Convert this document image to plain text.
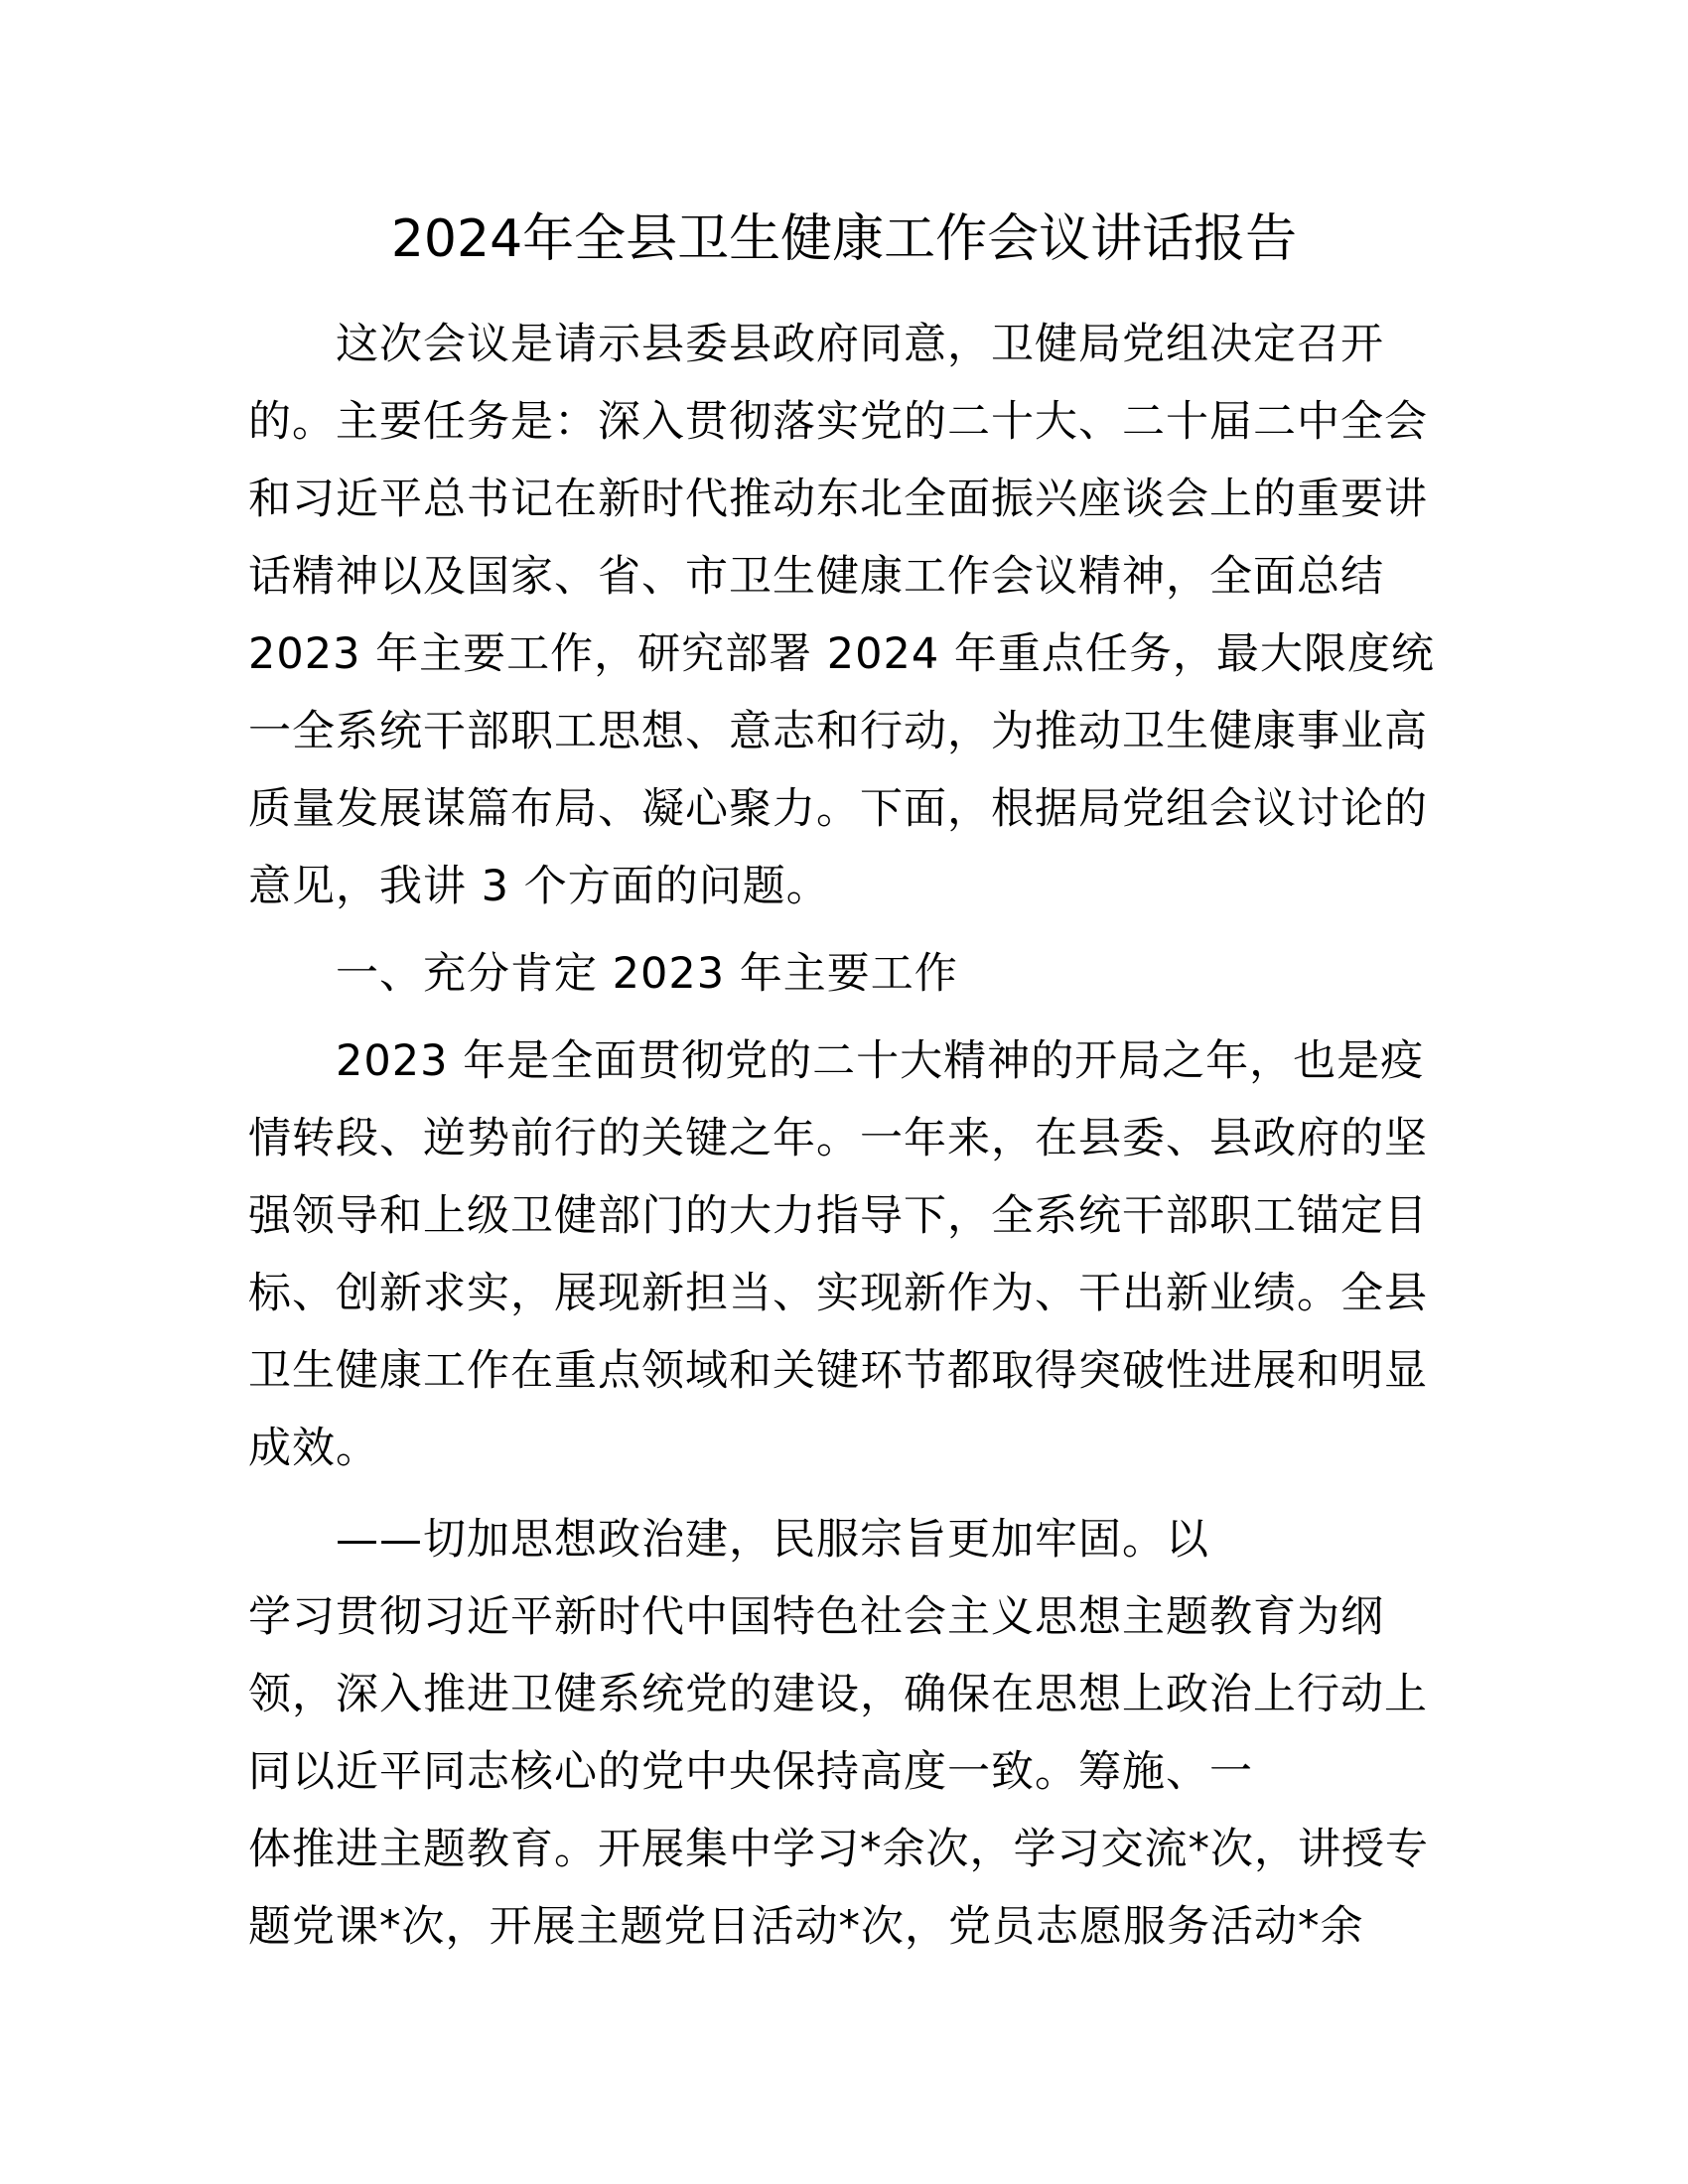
2024年全县卫生健康工作会议讲话报告
这次会议是请示县委县政府同意，卫健局党组决定召开
的。主要任务是：深入贯彻落实党的二十大、二十届二中全会
和习近平总书记在新时代推动东北全面振兴座谈会上的重要讲
话精神以及国家、省、市卫生健康工作会议精神，全面总结
2023 年主要工作，研究部署 2024 年重点任务，最大限度统
一全系统干部职工思想、意志和行动，为推动卫生健康事业高
质量发展谋篇布局、凝心聚力。下面，根据局党组会议讨论的
意见，我讲 3 个方面的问题。
一、充分肯定 2023 年主要工作
2023 年是全面贯彻党的二十大精神的开局之年，也是疫
情转段、逆势前行的关键之年。一年来，在县委、县政府的坚
强领导和上级卫健部门的大力指导下，全系统干部职工锚定目
标、创新求实，展现新担当、实现新作为、干出新业绩。全县
卫生健康工作在重点领域和关键环节都取得突破性进展和明显
成效。
——切加思想政治建，民服宗旨更加牢固。以
学习贯彻习近平新时代中国特色社会主义思想主题教育为纲
领，深入推进卫健系统党的建设，确保在思想上政治上行动上
同以近平同志核心的党中央保持高度一致。筹施、一
体推进主题教育。开展集中学习*余次，学习交流*次，讲授专
题党课*次，开展主题党日活动*次，党员志愿服务活动*余
